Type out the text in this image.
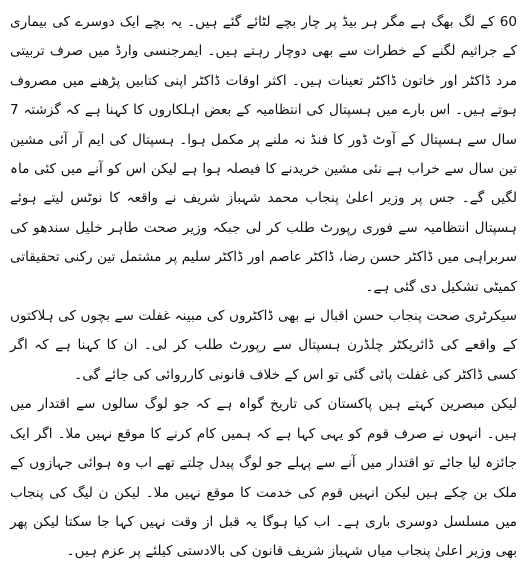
60 کے لگ بھگ ہے مگر ہر بیڈ پر چار بچے لٹائے گئے ہیں۔ یہ بچے ایک دوسرے کی بیماری کے جراثیم لگنے کے خطرات سے بھی دوچار رہتے ہیں۔ ایمرجنسی وارڈ میں صرف تربیتی مرد ڈاکٹر اور خاتون ڈاکٹر تعینات ہیں۔ اکثر اوقات ڈاکٹر اپنی کتابیں پڑھنے میں مصروف ہوتے ہیں۔ اس بارے میں ہسپتال کی انتظامیہ کے بعض اہلکاروں کا کہنا ہے کہ گزشتہ 7 سال سے ہسپتال کے آوٹ ڈور کا فنڈ نہ ملنے پر مکمل ہوا۔ ہسپتال کی ایم آر آئی مشین تین سال سے خراب ہے نئی مشین خریدنے کا فیصلہ ہوا ہے لیکن اس کو آنے میں کئی ماہ لگیں گے۔ جس پر وزیر اعلیٰ پنجاب محمد شہباز شریف نے واقعہ کا نوٹس لیتے ہوئے ہسپتال انتظامیہ سے فوری رپورٹ طلب کر لی جبکہ وزیر صحت طاہر خلیل سندھو کی سربراہی میں ڈاکٹر حسن رضا، ڈاکٹر عاصم اور ڈاکٹر سلیم پر مشتمل تین رکنی تحقیقاتی کمیٹی تشکیل دی گئی ہے۔

سیکرٹری صحت پنجاب حسن اقبال نے بھی ڈاکٹروں کی مبینہ غفلت سے بچوں کی ہلاکتوں کے واقعے کی ڈائریکٹر چلڈرن ہسپتال سے رپورٹ طلب کر لی۔ ان کا کہنا ہے کہ اگر کسی ڈاکٹر کی غفلت پائی گئی تو اس کے خلاف قانونی کارروائی کی جائے گی۔

لیکن مبصرین کہتے ہیں پاکستان کی تاریخ گواہ ہے کہ جو لوگ سالوں سے اقتدار میں ہیں۔ انہوں نے صرف قوم کو یہی کہا ہے کہ ہمیں کام کرنے کا موقع نہیں ملا۔ اگر ایک جائزہ لیا جائے تو اقتدار میں آنے سے پہلے جو لوگ پیدل چلتے تھے اب وہ ہوائی جہازوں کے ملک بن چکے ہیں لیکن انہیں قوم کی خدمت کا موقع نہیں ملا۔ لیکن ن لیگ کی پنجاب میں مسلسل دوسری باری ہے۔ اب کیا ہوگا یہ قبل از وقت نہیں کہا جا سکتا لیکن پھر بھی وزیر اعلیٰ پنجاب میاں شہباز شریف قانون کی بالادستی کیلئے پر عزم ہیں۔
